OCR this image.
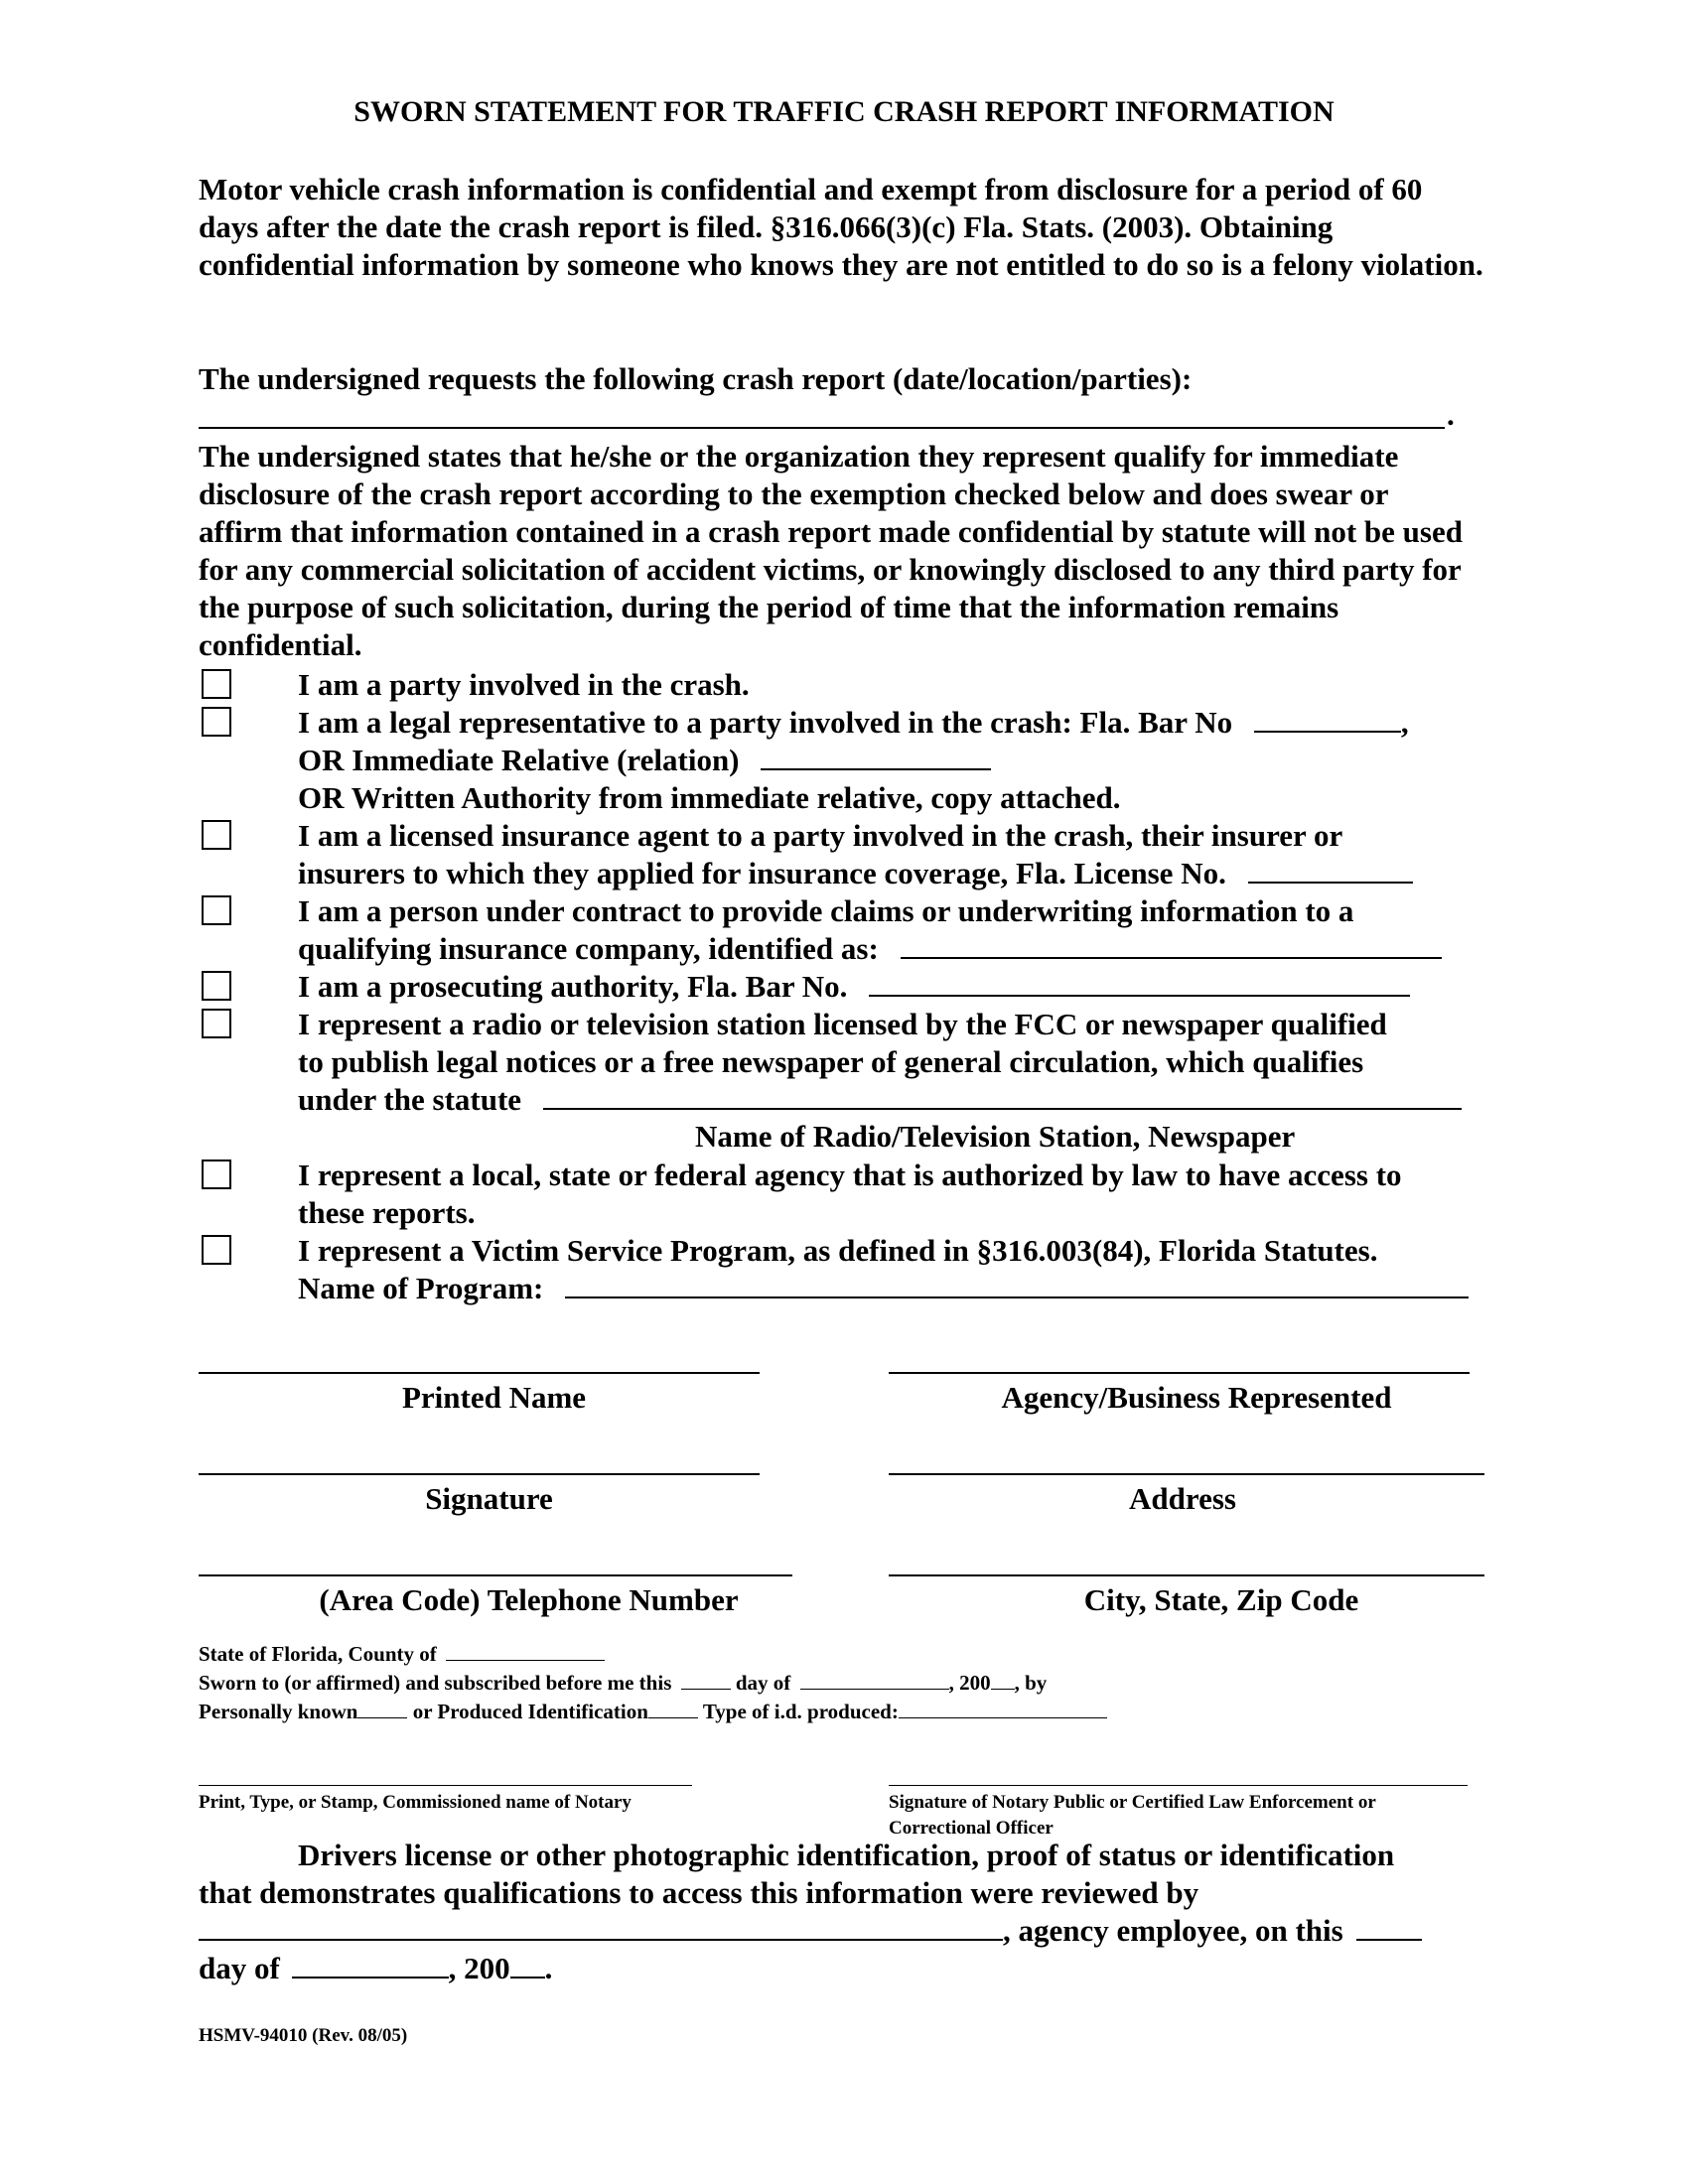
SWORN STATEMENT FOR TRAFFIC CRASH REPORT INFORMATION

Motor vehicle crash information is confidential and exempt from disclosure for a period of 60 days after the date the crash report is filed. §316.066(3)(c) Fla. Stats. (2003). Obtaining confidential information by someone who knows they are not entitled to do so is a felony violation.

The undersigned requests the following crash report (date/location/parties):
.

The undersigned states that he/she or the organization they represent qualify for immediate disclosure of the crash report according to the exemption checked below and does swear or affirm that information contained in a crash report made confidential by statute will not be used for any commercial solicitation of accident victims, or knowingly disclosed to any third party for the purpose of such solicitation, during the period of time that the information remains confidential.

I am a party involved in the crash.
I am a legal representative to a party involved in the crash: Fla. Bar No	,
OR Immediate Relative (relation)
OR Written Authority from immediate relative, copy attached.
I am a licensed insurance agent to a party involved in the crash, their insurer or
insurers to which they applied for insurance coverage, Fla. License No.
I am a person under contract to provide claims or underwriting information to a
qualifying insurance company, identified as:
I am a prosecuting authority, Fla. Bar No.
I represent a radio or television station licensed by the FCC or newspaper qualified
to publish legal notices or a free newspaper of general circulation, which qualifies
under the statute
Name of Radio/Television Station, Newspaper
I represent a local, state or federal agency that is authorized by law to have access to
these reports.
I represent a Victim Service Program, as defined in §316.003(84), Florida Statutes.
Name of Program:
Printed Name	Agency/Business Represented
Signature	Address
(Area Code) Telephone Number	City, State, Zip Code
State of Florida, County of
Sworn to (or affirmed) and subscribed before me this	day of	, 200 , by
Personally known	or Produced Identification	Type of i.d. produced:
Print, Type, or Stamp, Commissioned name of Notary	Signature of Notary Public or Certified Law Enforcement or Correctional Officer
Drivers license or other photographic identification, proof of status or identification
that demonstrates qualifications to access this information were reviewed by
, agency employee, on this
day of	, 200 .
HSMV-94010 (Rev. 08/05)
